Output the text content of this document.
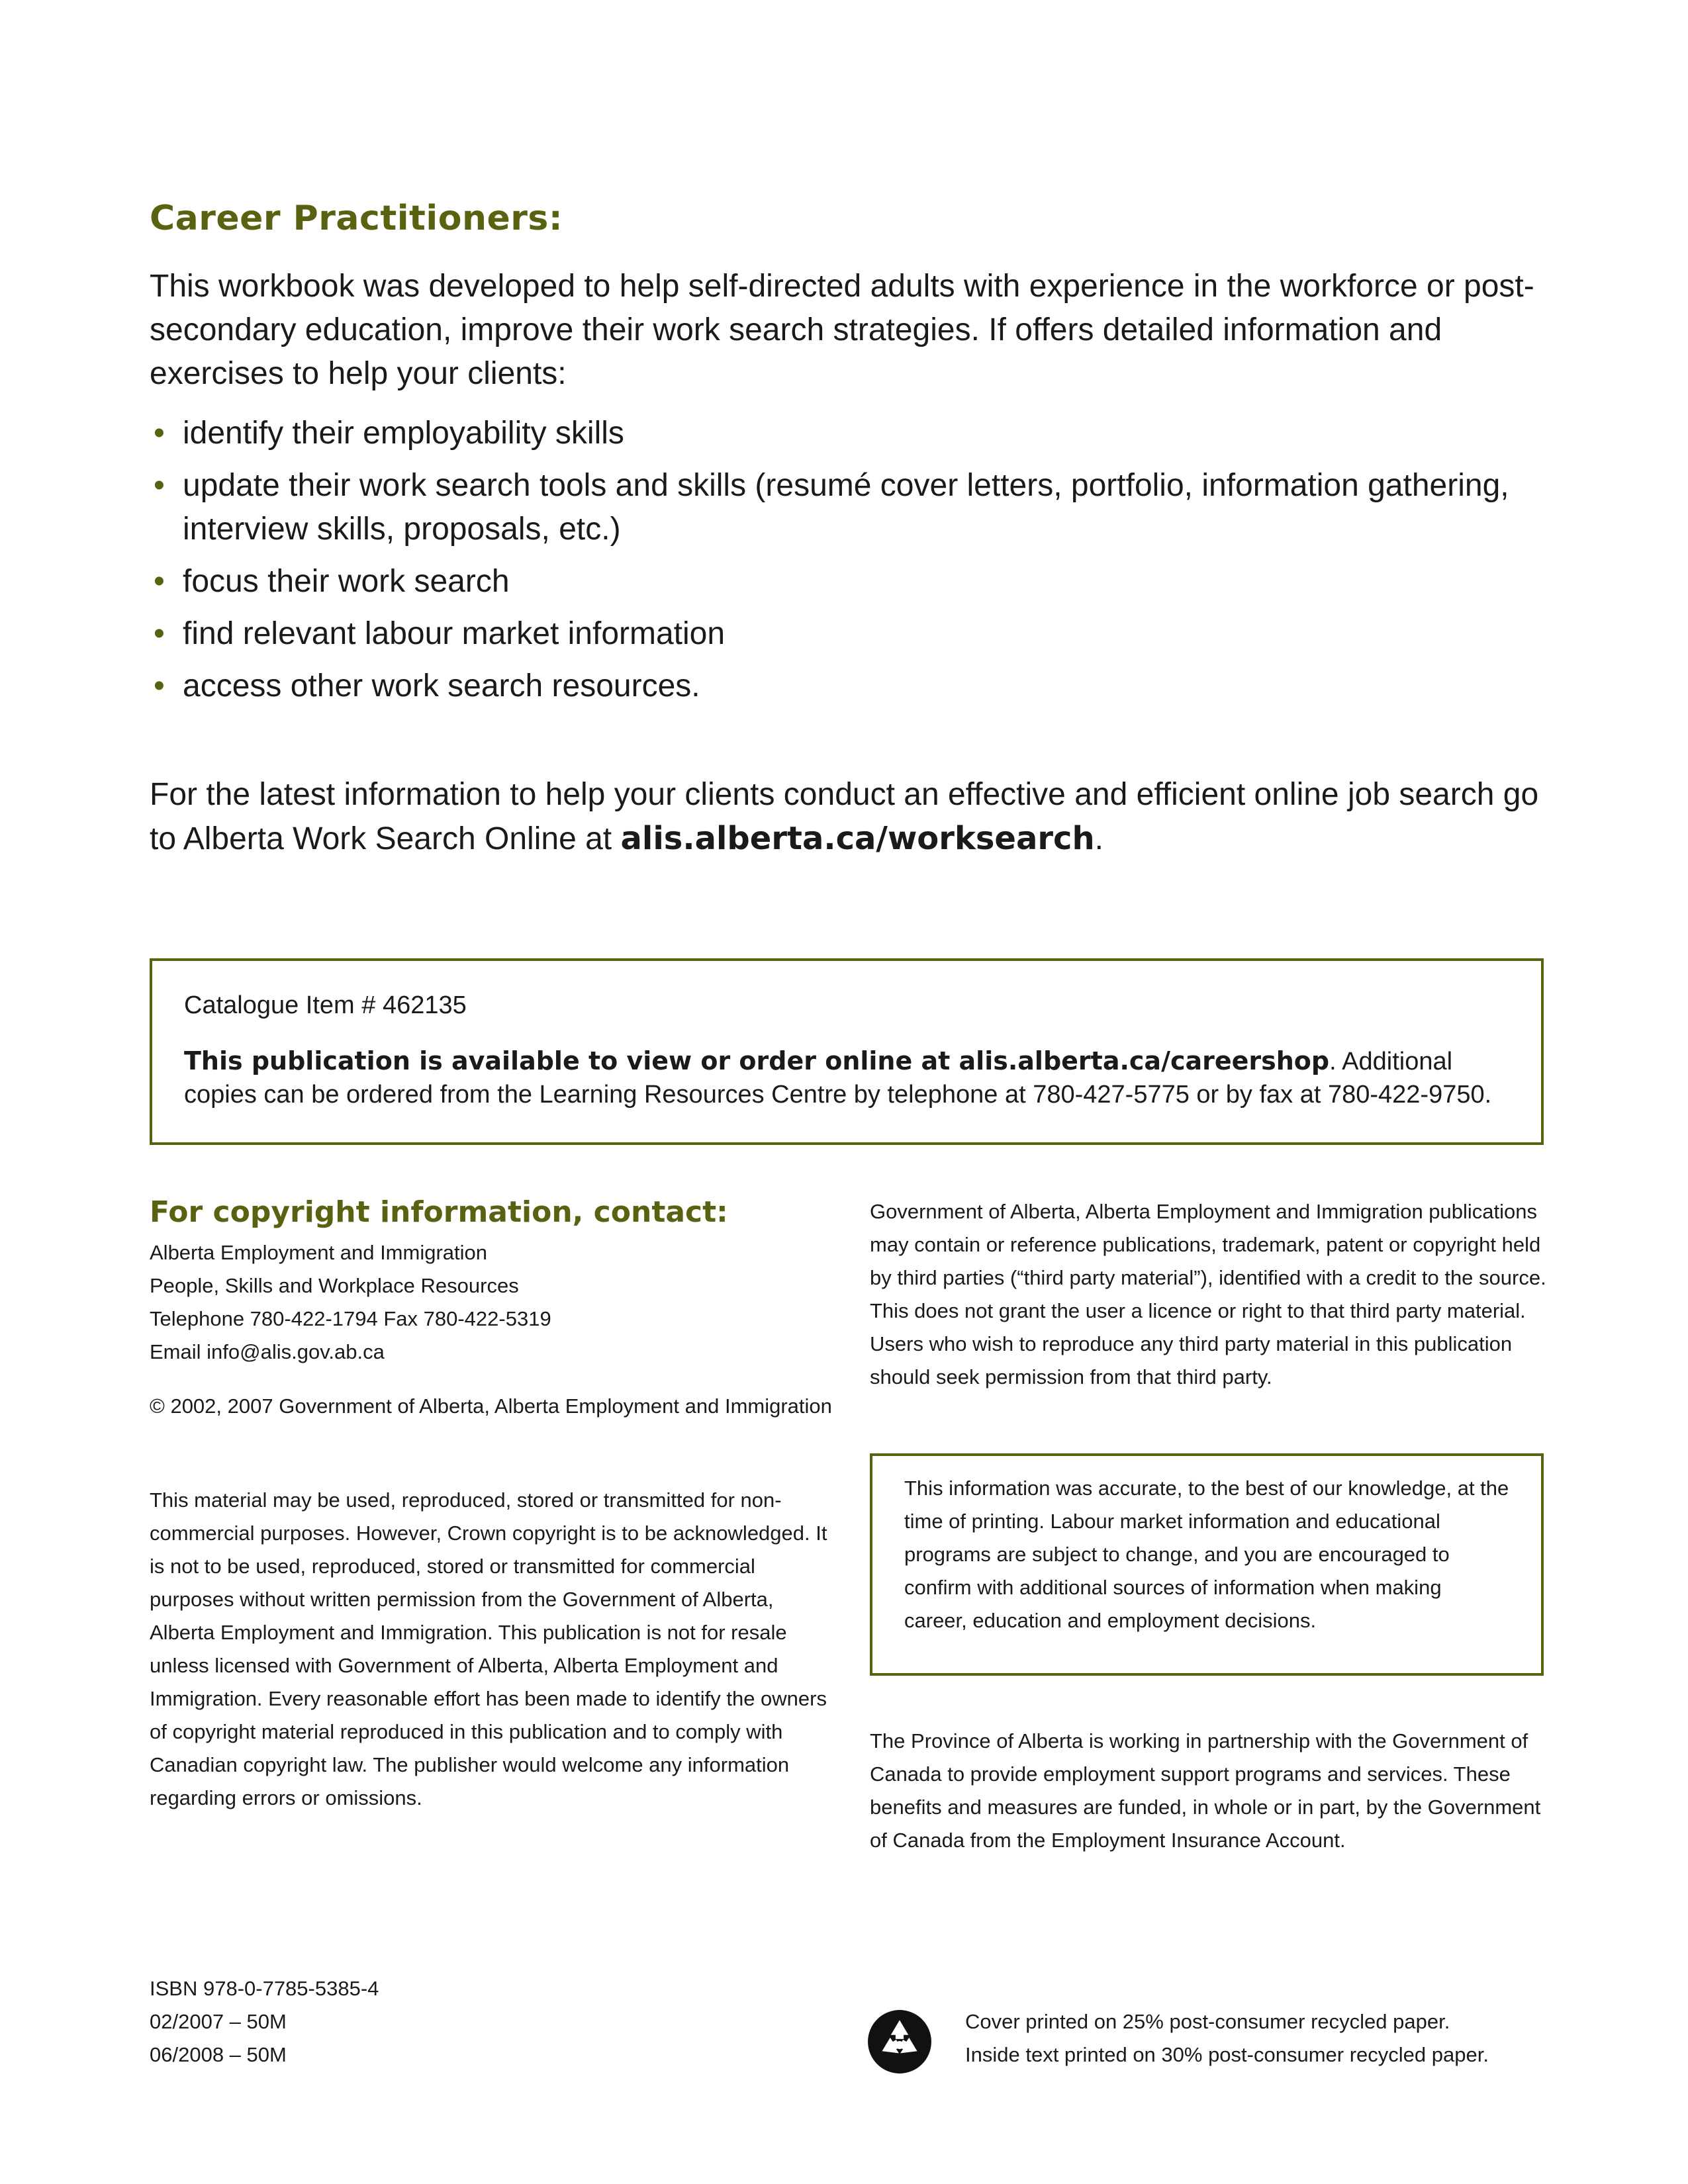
Career Practitioners:
This workbook was developed to help self-directed adults with experience in the workforce or post-secondary education, improve their work search strategies. If offers detailed information and exercises to help your clients:
• identify their employability skills
• update their work search tools and skills (resumé cover letters, portfolio, information gathering, interview skills, proposals, etc.)
• focus their work search
• find relevant labour market information
• access other work search resources.
For the latest information to help your clients conduct an effective and efficient online job search go to Alberta Work Search Online at alis.alberta.ca/worksearch.
Catalogue Item # 462135
This publication is available to view or order online at alis.alberta.ca/careershop. Additional copies can be ordered from the Learning Resources Centre by telephone at 780-427-5775 or by fax at 780-422-9750.
For copyright information, contact:
Alberta Employment and Immigration
People, Skills and Workplace Resources
Telephone 780-422-1794 Fax 780-422-5319
Email info@alis.gov.ab.ca
© 2002, 2007 Government of Alberta, Alberta Employment and Immigration
This material may be used, reproduced, stored or transmitted for non-commercial purposes. However, Crown copyright is to be acknowledged. It is not to be used, reproduced, stored or transmitted for commercial purposes without written permission from the Government of Alberta, Alberta Employment and Immigration. This publication is not for resale unless licensed with Government of Alberta, Alberta Employment and Immigration. Every reasonable effort has been made to identify the owners of copyright material reproduced in this publication and to comply with Canadian copyright law. The publisher would welcome any information regarding errors or omissions.
Government of Alberta, Alberta Employment and Immigration publications may contain or reference publications, trademark, patent or copyright held by third parties (“third party material”), identified with a credit to the source. This does not grant the user a licence or right to that third party material. Users who wish to reproduce any third party material in this publication should seek permission from that third party.
This information was accurate, to the best of our knowledge, at the time of printing. Labour market information and educational programs are subject to change, and you are encouraged to confirm with additional sources of information when making career, education and employment decisions.
The Province of Alberta is working in partnership with the Government of Canada to provide employment support programs and services. These benefits and measures are funded, in whole or in part, by the Government of Canada from the Employment Insurance Account.
ISBN 978-0-7785-5385-4
02/2007 – 50M
06/2008 – 50M
Cover printed on 25% post-consumer recycled paper.
Inside text printed on 30% post-consumer recycled paper.
